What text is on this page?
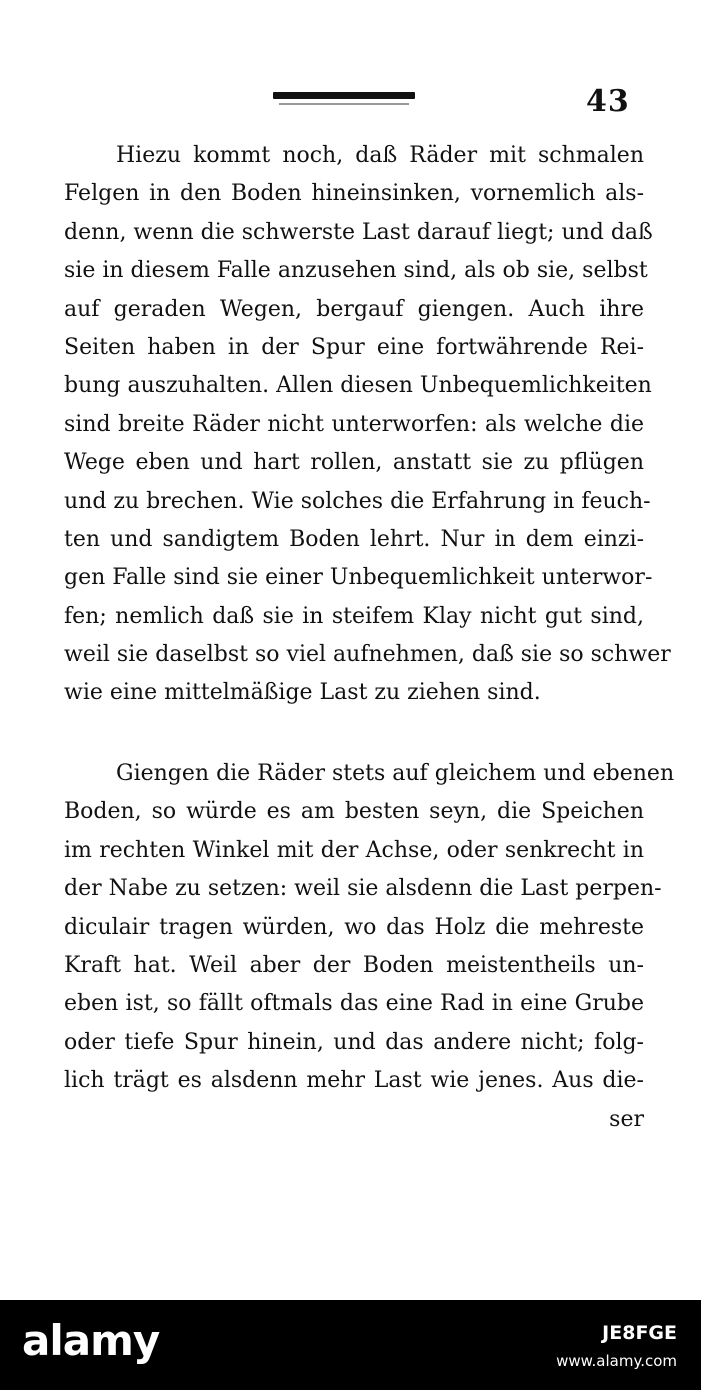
43
Hiezu kommt noch, daß Räder mit schmalen
Felgen in den Boden hineinsinken, vornemlich als-
denn, wenn die schwerste Last darauf liegt; und daß
sie in diesem Falle anzusehen sind, als ob sie, selbst
auf geraden Wegen, bergauf giengen. Auch ihre
Seiten haben in der Spur eine fortwährende Rei-
bung auszuhalten. Allen diesen Unbequemlichkeiten
sind breite Räder nicht unterworfen: als welche die
Wege eben und hart rollen, anstatt sie zu pflügen
und zu brechen. Wie solches die Erfahrung in feuch-
ten und sandigtem Boden lehrt. Nur in dem einzi-
gen Falle sind sie einer Unbequemlichkeit unterwor-
fen; nemlich daß sie in steifem Klay nicht gut sind,
weil sie daselbst so viel aufnehmen, daß sie so schwer
wie eine mittelmäßige Last zu ziehen sind.
Giengen die Räder stets auf gleichem und ebenen
Boden, so würde es am besten seyn, die Speichen
im rechten Winkel mit der Achse, oder senkrecht in
der Nabe zu setzen: weil sie alsdenn die Last perpen-
diculair tragen würden, wo das Holz die mehreste
Kraft hat. Weil aber der Boden meistentheils un-
eben ist, so fällt oftmals das eine Rad in eine Grube
oder tiefe Spur hinein, und das andere nicht; folg-
lich trägt es alsdenn mehr Last wie jenes. Aus die-
ser
alamy	JE8FGE
www.alamy.com
